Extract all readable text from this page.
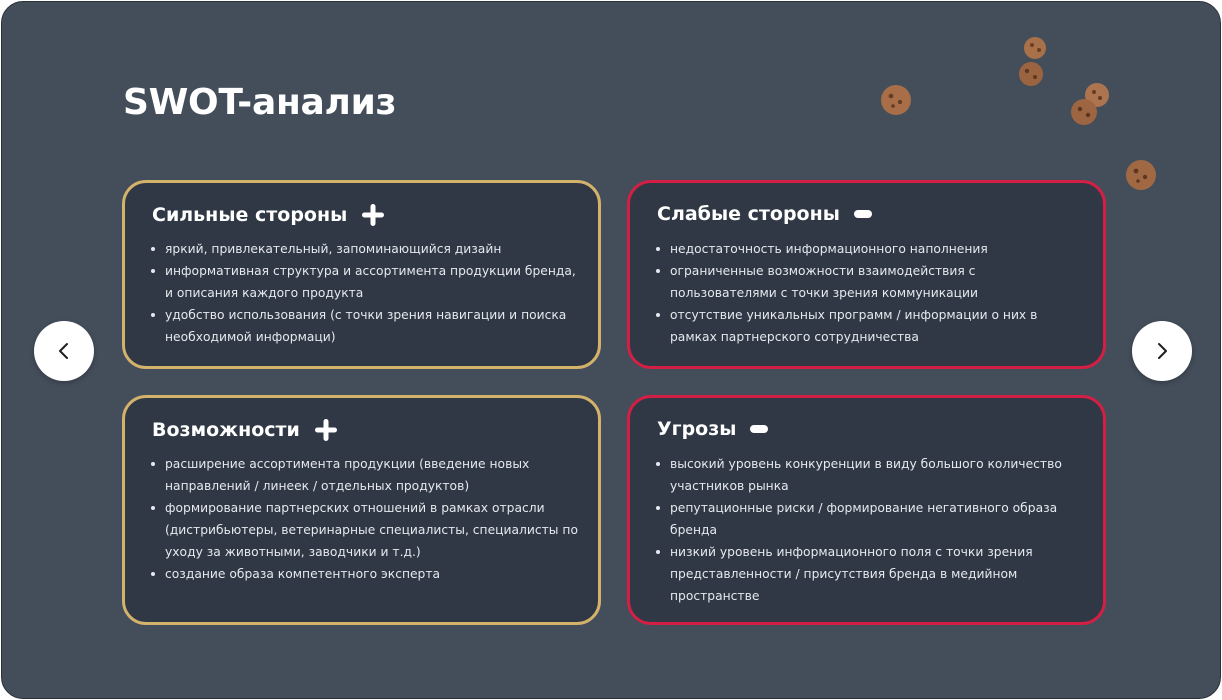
SWOT-анализ
Сильные стороны
яркий, привлекательный, запоминающийся дизайн
информативная структура и ассортимента продукции бренда, и описания каждого продукта
удобство использования (с точки зрения навигации и поиска необходимой информаци)
Слабые стороны
недостаточность информационного наполнения
ограниченные возможности взаимодействия с пользователями с точки зрения коммуникации
отсутствие уникальных программ / информации о них в рамках партнерского сотрудничества
Возможности
расширение ассортимента продукции (введение новых направлений / линеек / отдельных продуктов)
формирование партнерских отношений в рамках отрасли (дистрибьютеры, ветеринарные специалисты, специалисты по уходу за животными, заводчики и т.д.)
создание образа компетентного эксперта
Угрозы
высокий уровень конкуренции в виду большого количество участников рынка
репутационные риски / формирование негативного образа бренда
низкий уровень информационного поля с точки зрения представленности / присутствия бренда в медийном пространстве
